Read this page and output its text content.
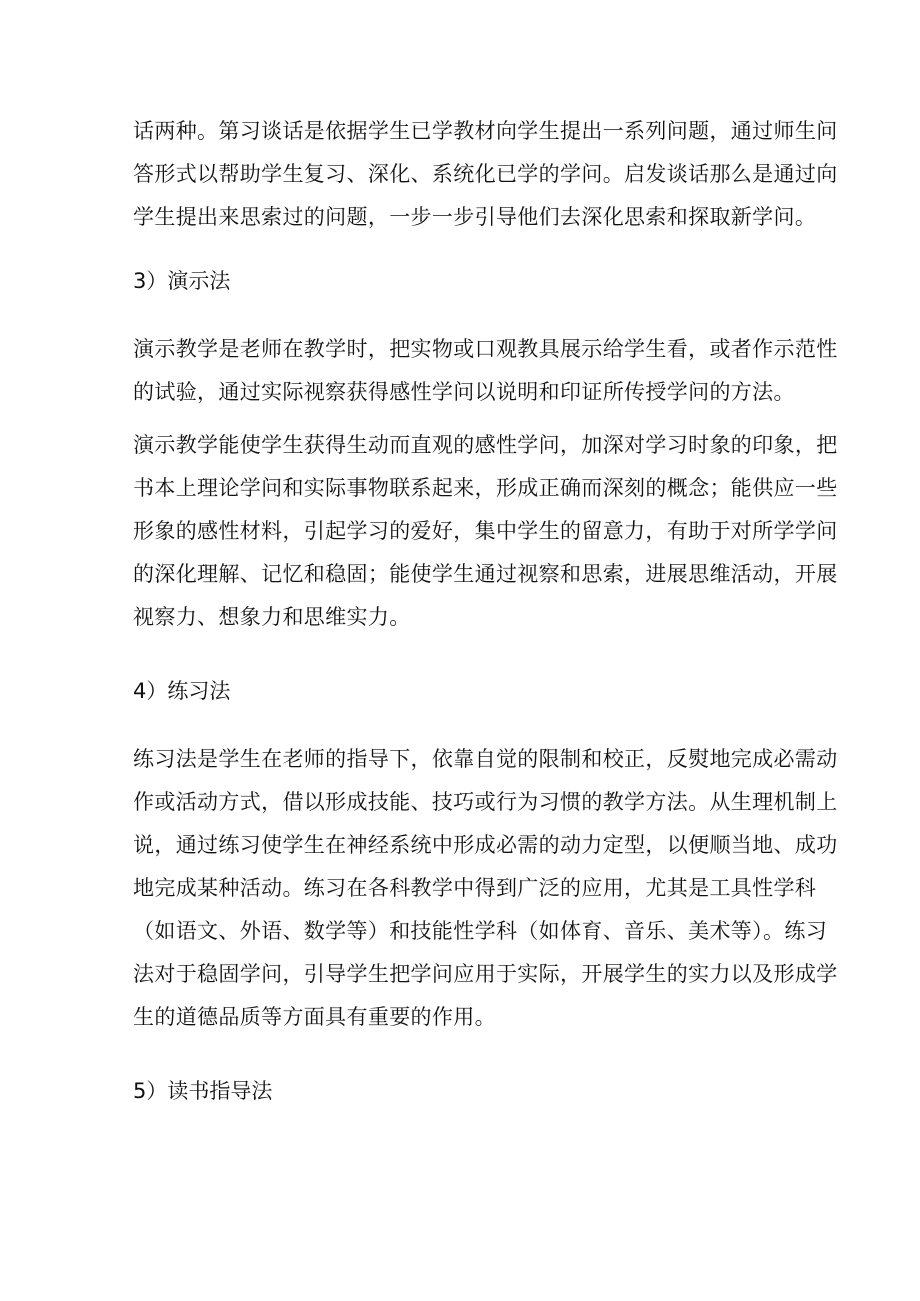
话两种。第习谈话是依据学生已学教材向学生提出一系列问题，通过师生问
答形式以帮助学生复习、深化、系统化已学的学问。启发谈话那么是通过向
学生提出来思索过的问题，一步一步引导他们去深化思索和探取新学问。
3）演示法
演示教学是老师在教学时，把实物或口观教具展示给学生看，或者作示范性
的试验，通过实际视察获得感性学问以说明和印证所传授学问的方法。
演示教学能使学生获得生动而直观的感性学问，加深对学习时象的印象，把
书本上理论学问和实际事物联系起来，形成正确而深刻的概念；能供应一些
形象的感性材料，引起学习的爱好，集中学生的留意力，有助于对所学学问
的深化理解、记忆和稳固；能使学生通过视察和思索，进展思维活动，开展
视察力、想象力和思维实力。
4）练习法
练习法是学生在老师的指导下，依靠自觉的限制和校正，反熨地完成必需动
作或活动方式，借以形成技能、技巧或行为习惯的教学方法。从生理机制上
说，通过练习使学生在神经系统中形成必需的动力定型，以便顺当地、成功
地完成某种活动。练习在各科教学中得到广泛的应用，尤其是工具性学科
（如语文、外语、数学等）和技能性学科（如体育、音乐、美术等）。练习
法对于稳固学问，引导学生把学问应用于实际，开展学生的实力以及形成学
生的道德品质等方面具有重要的作用。
5）读书指导法
